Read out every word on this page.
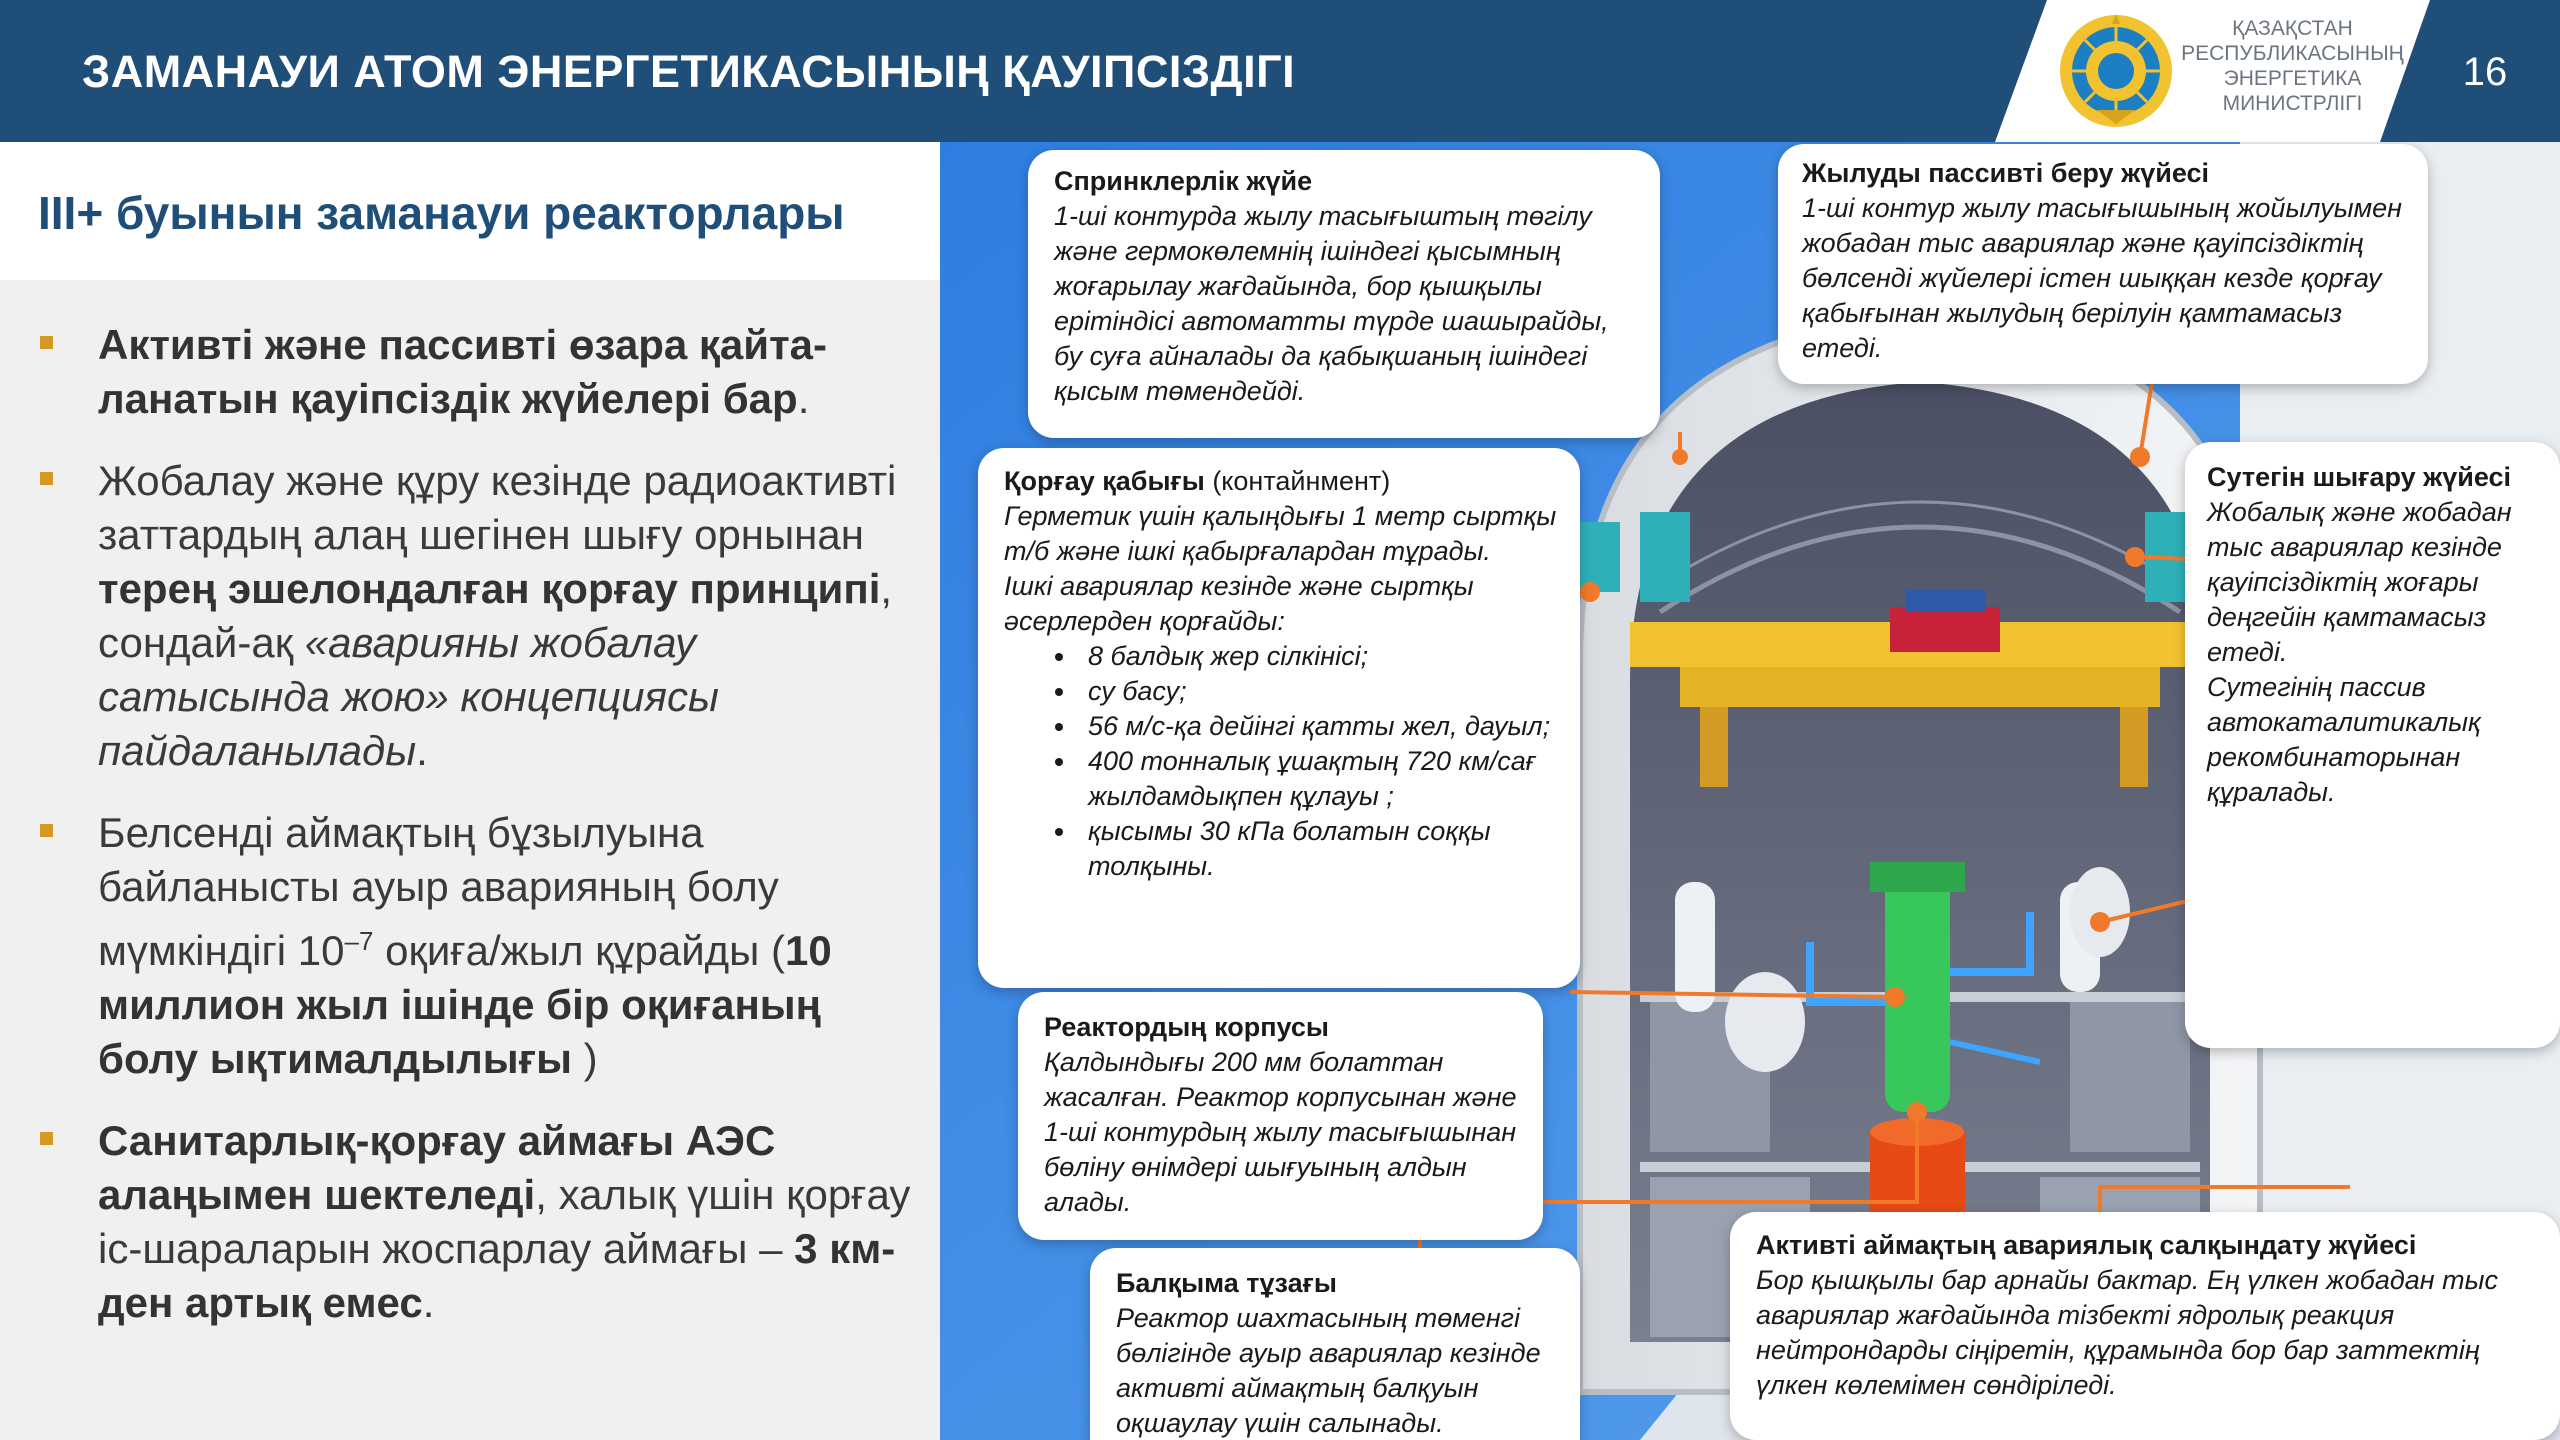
ЗАМАНАУИ АТОМ ЭНЕРГЕТИКАСЫНЫҢ ҚАУІПСІЗДІГІ	16
ҚАЗАҚСТАН
РЕСПУБЛИКАСЫНЫҢ
ЭНЕРГЕТИКА
МИНИСТРЛІГІ
III+ буынын заманауи реакторлары
Активті және пассивті өзара қайталанатын қауіпсіздік жүйелері бар.
Жобалау және құру кезінде радиоактивті заттардың алаң шегінен шығу орнынан терең эшелондалған қорғау принципі, сондай-ақ «аварияны жобалау сатысында жою» концепциясы пайдаланылады.
Белсенді аймақтың бұзылуына байланысты ауыр аварияның болу мүмкіндігі $10^{-7}$ оқиға/жыл құрайды (10 миллион жыл ішінде бір оқиғаның болу ықтималдылығы )
Санитарлық-қорғау аймағы АЭС алаңымен шектеледі, халық үшін қорғау іс-шараларын жоспарлау аймағы – 3 км-ден артық емес.
Спринклерлік жүйе
1-ші контурда жылу тасығыштың төгілу және гермокөлемнің ішіндегі қысымның жоғарылау жағдайында, бор қышқылы ерітіндісі автоматты түрде шашырайды, бу суға айналады да қабықшаның ішіндегі қысым төмендейді.
Жылуды пассивті беру жүйесі
1-ші контур жылу тасығышының жойылуымен жобадан тыс авариялар және қауіпсіздіктің бөлсенді жүйелері істен шыққан кезде қорғау қабығынан жылудың берілуін қамтамасыз етеді.
Қорғау қабығы (контайнмент)
Герметик үшін қалыңдығы 1 метр сыртқы т/б және ішкі қабырғалардан тұрады.
Ішкі авариялар кезінде және сыртқы әсерлерден қорғайды:
• 8 балдық жер сілкінісі;
• су басу;
• 56 м/с-қа дейінгі қатты жел, дауыл;
• 400 тонналық ұшақтың 720 км/сағ жылдамдықпен құлауы ;
• қысымы 30 кПа болатын соққы толқыны.
Сутегін шығару жүйесі
Жобалық және жобадан тыс авариялар кезінде қауіпсіздіктің жоғары деңгейін қамтамасыз етеді.
Сутегінің пассив автокаталитикалық рекомбинаторынан құралады.
Реактордың корпусы
Қалдындығы 200 мм болаттан жасалған. Реактор корпусынан және 1-ші контурдың жылу тасығышынан бөліну өнімдері шығуының алдын алады.
Балқыма тұзағы
Реактор шахтасының төменгі бөлігінде ауыр авариялар кезінде активті аймақтың балқуын оқшаулау үшін салынады.
Активті аймақтың авариялық салқындату жүйесі
Бор қышқылы бар арнайы бактар. Ең үлкен жобадан тыс авариялар жағдайында тізбекті ядролық реакция нейтрондарды сіңіретін, құрамында бор бар заттектің үлкен көлемімен сөндіріледі.
